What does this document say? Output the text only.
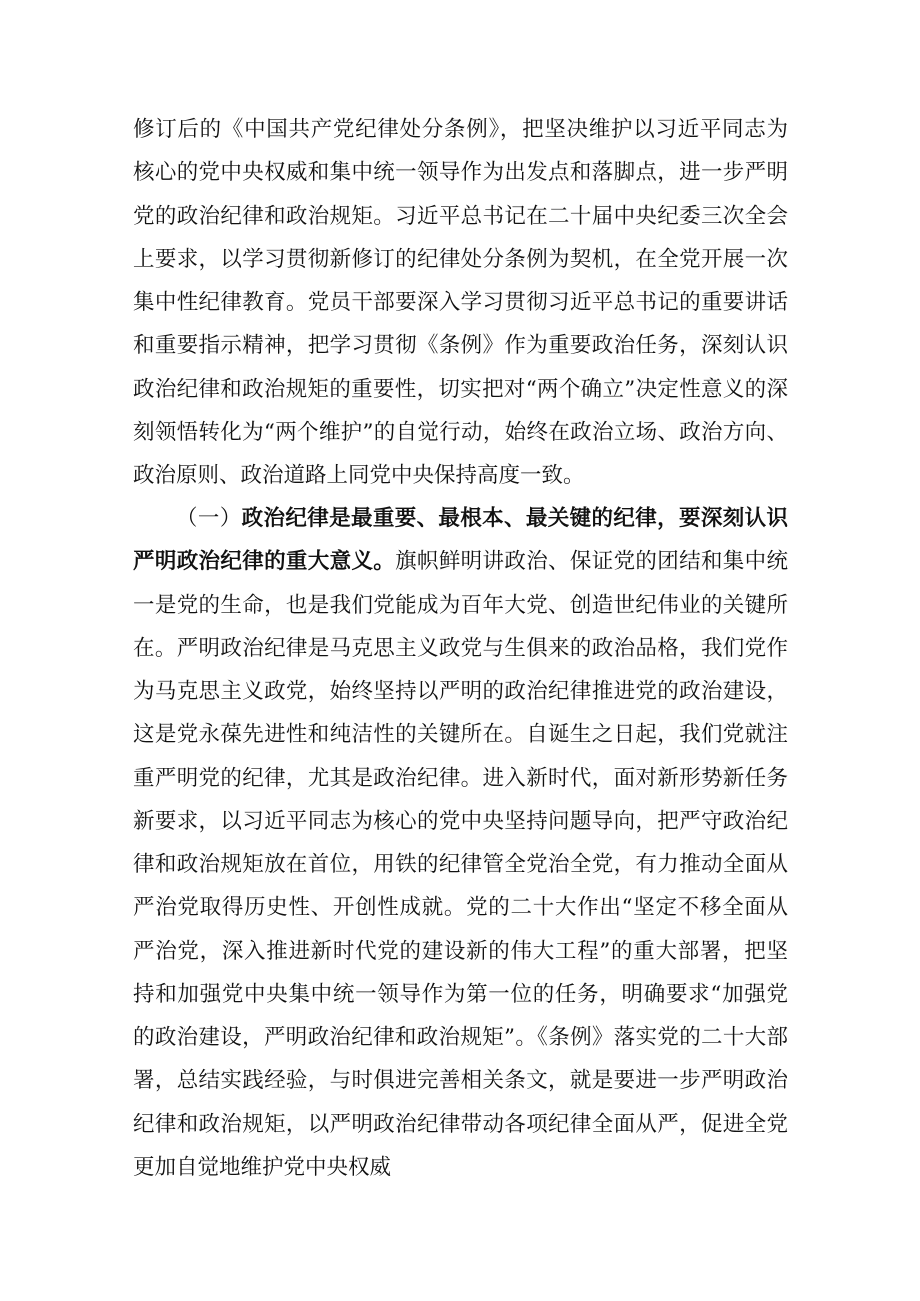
修订后的《中国共产党纪律处分条例》，把坚决维护以习近平同志为核心的党中央权威和集中统一领导作为出发点和落脚点，进一步严明党的政治纪律和政治规矩。习近平总书记在二十届中央纪委三次全会上要求，以学习贯彻新修订的纪律处分条例为契机，在全党开展一次集中性纪律教育。党员干部要深入学习贯彻习近平总书记的重要讲话和重要指示精神，把学习贯彻《条例》作为重要政治任务，深刻认识政治纪律和政治规矩的重要性，切实把对“两个确立”决定性意义的深刻领悟转化为“两个维护”的自觉行动，始终在政治立场、政治方向、政治原则、政治道路上同党中央保持高度一致。

（一）政治纪律是最重要、最根本、最关键的纪律，要深刻认识严明政治纪律的重大意义。旗帜鲜明讲政治、保证党的团结和集中统一是党的生命，也是我们党能成为百年大党、创造世纪伟业的关键所在。严明政治纪律是马克思主义政党与生俱来的政治品格，我们党作为马克思主义政党，始终坚持以严明的政治纪律推进党的政治建设，这是党永葆先进性和纯洁性的关键所在。自诞生之日起，我们党就注重严明党的纪律，尤其是政治纪律。进入新时代，面对新形势新任务新要求，以习近平同志为核心的党中央坚持问题导向，把严守政治纪律和政治规矩放在首位，用铁的纪律管全党治全党，有力推动全面从严治党取得历史性、开创性成就。党的二十大作出“坚定不移全面从严治党，深入推进新时代党的建设新的伟大工程”的重大部署，把坚持和加强党中央集中统一领导作为第一位的任务，明确要求“加强党的政治建设，严明政治纪律和政治规矩”。《条例》落实党的二十大部署，总结实践经验，与时俱进完善相关条文，就是要进一步严明政治纪律和政治规矩，以严明政治纪律带动各项纪律全面从严，促进全党更加自觉地维护党中央权威
